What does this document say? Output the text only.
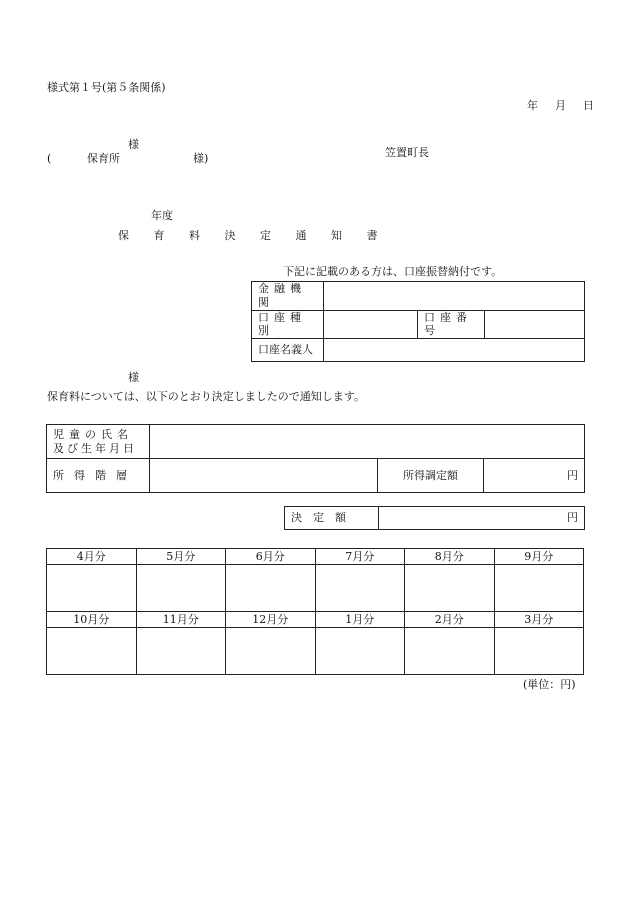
様式第１号(第５条関係)
年　月　日
様
(	保育所	様)	笠置町長
年度
保 育 料 決 定 通 知 書
下記に記載のある方は、口座振替納付です。
金融機関			
口座種別		口座番号	
口座名義人			
様
保育料については、以下のとおり決定しましたので通知します。
児童の氏名
及び生年月日			

所得階層		所得調定額	円
決　定　額	円
4月分	5月分	6月分	7月分	8月分	9月分

10月分	11月分	12月分	1月分	2月分	3月分

(単位：円)
